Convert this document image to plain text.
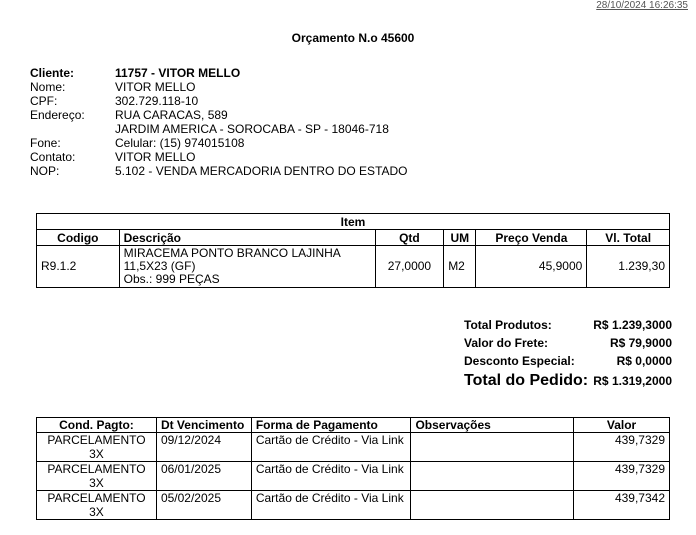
28/10/2024 16:26:35
Orçamento N.o 45600
Cliente:	11757 - VITOR MELLO
Nome:	VITOR MELLO
CPF:	302.729.118-10
Endereço:	RUA CARACAS, 589
JARDIM AMERICA - SOROCABA - SP - 18046-718
Fone:	Celular: (15) 974015108
Contato:	VITOR MELLO
NOP:	5.102 - VENDA MERCADORIA DENTRO DO ESTADO
Item					
Codigo	Descrição	Qtd	UM	Preço Venda	Vl. Total
R9.1.2	MIRACEMA PONTO BRANCO LAJINHA
11,5X23 (GF)
Obs.: 999 PEÇAS	27,0000	M2	45,9000	1.239,30
Total Produtos:	R$ 1.239,3000
Valor do Frete:	R$ 79,9000
Desconto Especial:	R$ 0,0000
Total do Pedido: R$ 1.319,2000
Cond. Pagto:	Dt Vencimento	Forma de Pagamento	Observações	Valor

PARCELAMENTO
3X	09/12/2024	Cartão de Crédito - Via Link		439,7329

PARCELAMENTO
3X	06/01/2025	Cartão de Crédito - Via Link		439,7329

PARCELAMENTO
3X	05/02/2025	Cartão de Crédito - Via Link		439,7342
